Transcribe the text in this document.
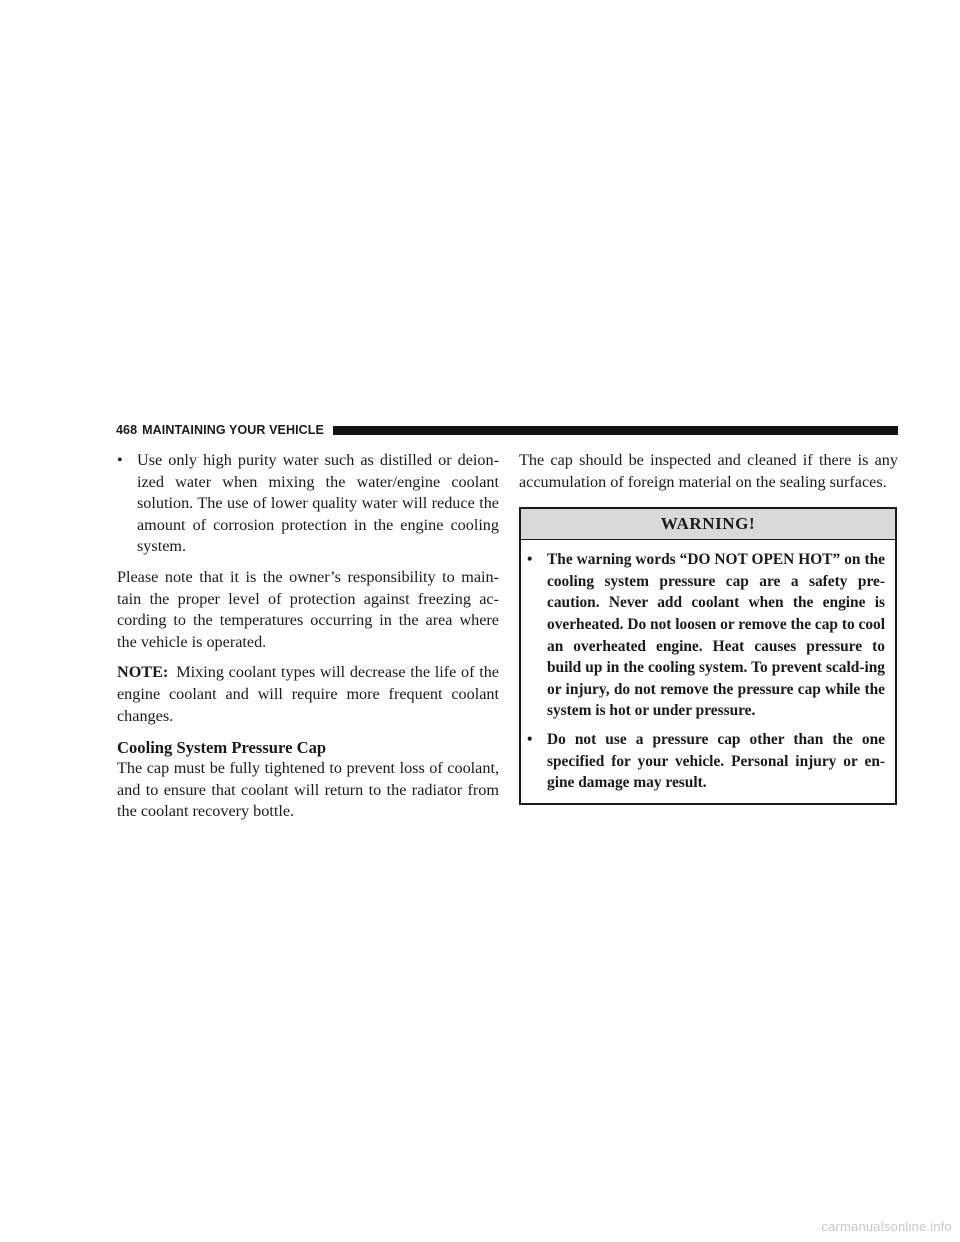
468 MAINTAINING YOUR VEHICLE
• Use only high purity water such as distilled or deion-ized water when mixing the water/engine coolant solution. The use of lower quality water will reduce the amount of corrosion protection in the engine cooling system.

Please note that it is the owner’s responsibility to main-tain the proper level of protection against freezing ac-cording to the temperatures occurring in the area where the vehicle is operated.

NOTE: Mixing coolant types will decrease the life of the engine coolant and will require more frequent coolant changes.

Cooling System Pressure Cap

The cap must be fully tightened to prevent loss of coolant, and to ensure that coolant will return to the radiator from the coolant recovery bottle.

The cap should be inspected and cleaned if there is any accumulation of foreign material on the sealing surfaces.

WARNING!
• The warning words “DO NOT OPEN HOT” on the cooling system pressure cap are a safety pre-caution. Never add coolant when the engine is overheated. Do not loosen or remove the cap to cool an overheated engine. Heat causes pressure to build up in the cooling system. To prevent scald-ing or injury, do not remove the pressure cap while the system is hot or under pressure.
• Do not use a pressure cap other than the one specified for your vehicle. Personal injury or en-gine damage may result.
carmanualsonline.info
